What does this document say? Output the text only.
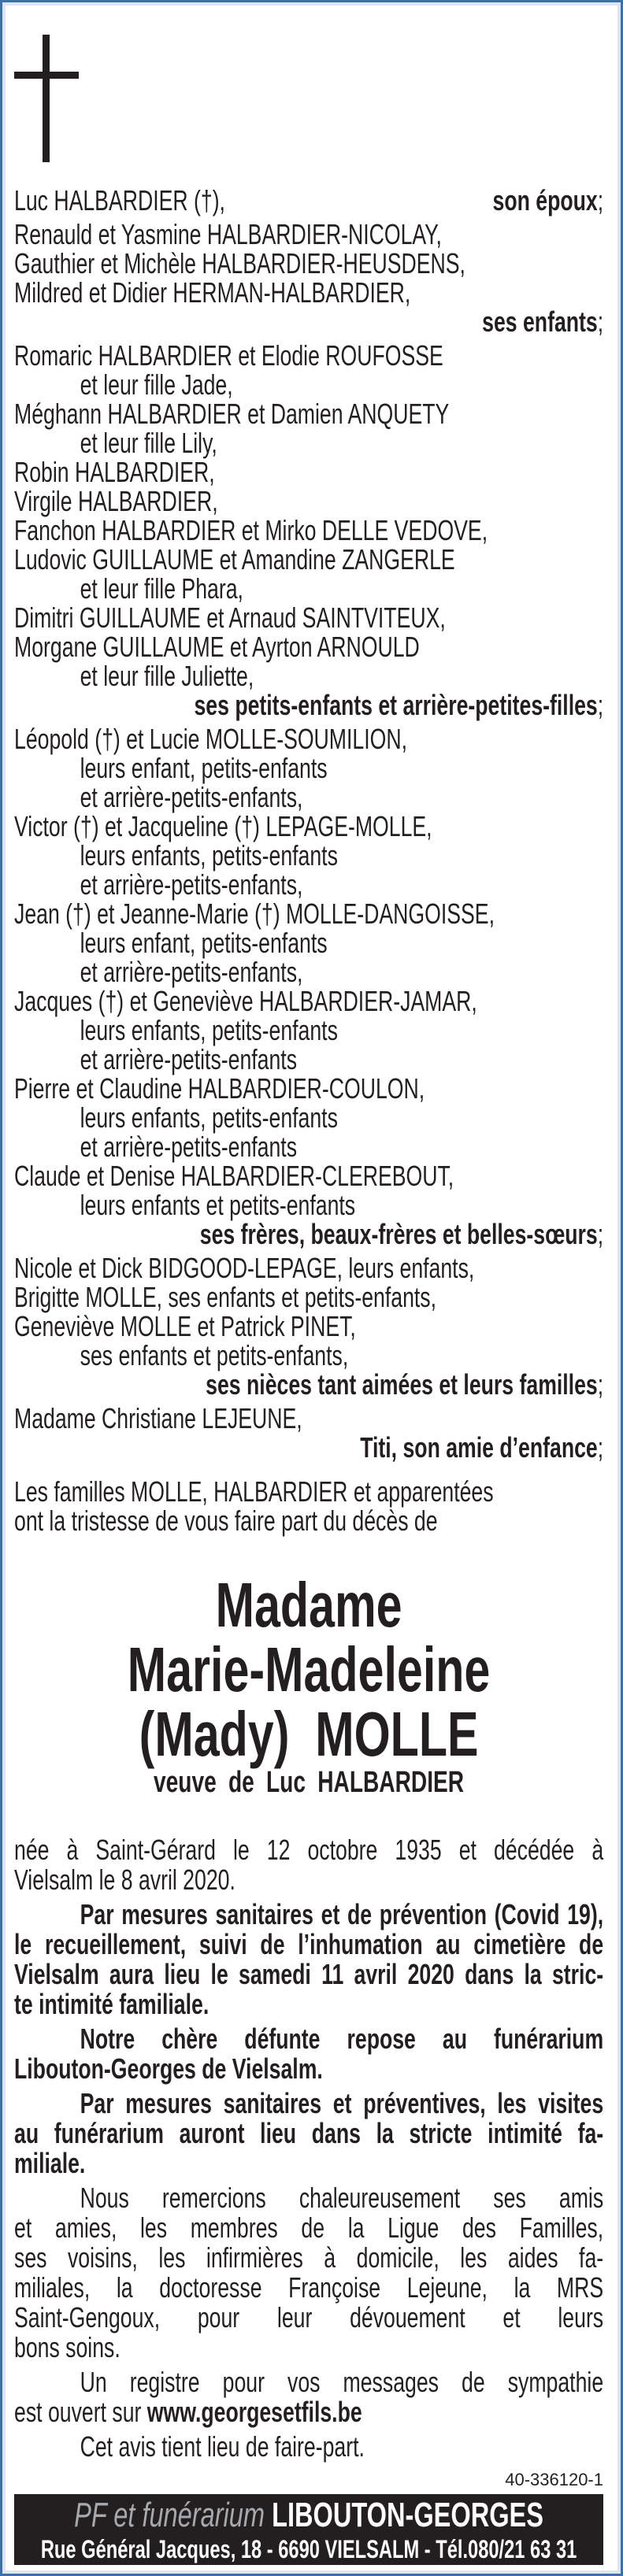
Luc HALBARDIER (†),	son époux;
Renauld et Yasmine HALBARDIER-NICOLAY,
Gauthier et Michèle HALBARDIER-HEUSDENS,
Mildred et Didier HERMAN-HALBARDIER,
ses enfants;
Romaric HALBARDIER et Elodie ROUFOSSE
et leur fille Jade,
Méghann HALBARDIER et Damien ANQUETY
et leur fille Lily,
Robin HALBARDIER,
Virgile HALBARDIER,
Fanchon HALBARDIER et Mirko DELLE VEDOVE,
Ludovic GUILLAUME et Amandine ZANGERLE
et leur fille Phara,
Dimitri GUILLAUME et Arnaud SAINTVITEUX,
Morgane GUILLAUME et Ayrton ARNOULD
et leur fille Juliette,
ses petits-enfants et arrière-petites-filles;
Léopold (†) et Lucie MOLLE-SOUMILION,
leurs enfant, petits-enfants
et arrière-petits-enfants,
Victor (†) et Jacqueline (†) LEPAGE-MOLLE,
leurs enfants, petits-enfants
et arrière-petits-enfants,
Jean (†) et Jeanne-Marie (†) MOLLE-DANGOISSE,
leurs enfant, petits-enfants
et arrière-petits-enfants,
Jacques (†) et Geneviève HALBARDIER-JAMAR,
leurs enfants, petits-enfants
et arrière-petits-enfants
Pierre et Claudine HALBARDIER-COULON,
leurs enfants, petits-enfants
et arrière-petits-enfants
Claude et Denise HALBARDIER-CLEREBOUT,
leurs enfants et petits-enfants
ses frères, beaux-frères et belles-sœurs;
Nicole et Dick BIDGOOD-LEPAGE, leurs enfants,
Brigitte MOLLE, ses enfants et petits-enfants,
Geneviève MOLLE et Patrick PINET,
ses enfants et petits-enfants,
ses nièces tant aimées et leurs familles;
Madame Christiane LEJEUNE,
Titi, son amie d’enfance;
Les familles MOLLE, HALBARDIER et apparentées
ont la tristesse de vous faire part du décès de
Madame
Marie-Madeleine
(Mady)  MOLLE
veuve de Luc HALBARDIER
née à Saint-Gérard le 12 octobre 1935 et décédée à
Vielsalm le 8 avril 2020.
Par mesures sanitaires et de prévention (Covid 19),
le recueillement, suivi de l’inhumation au cimetière de
Vielsalm aura lieu le samedi 11 avril 2020 dans la stric-
te intimité familiale.
Notre chère défunte repose au funérarium
Libouton-Georges de Vielsalm.
Par mesures sanitaires et préventives, les visites
au funérarium auront lieu dans la stricte intimité fa-
miliale.
Nous remercions chaleureusement ses amis
et amies, les membres de la Ligue des Familles,
ses voisins, les infirmières à domicile, les aides fa-
miliales, la doctoresse Françoise Lejeune, la MRS
Saint-Gengoux, pour leur dévouement et leurs
bons soins.
Un registre pour vos messages de sympathie
est ouvert sur www.georgesetfils.be
Cet avis tient lieu de faire-part.
40-336120-1
PF et funérarium LIBOUTON-GEORGES
Rue Général Jacques, 18 - 6690 VIELSALM - Tél.080/21 63 31
